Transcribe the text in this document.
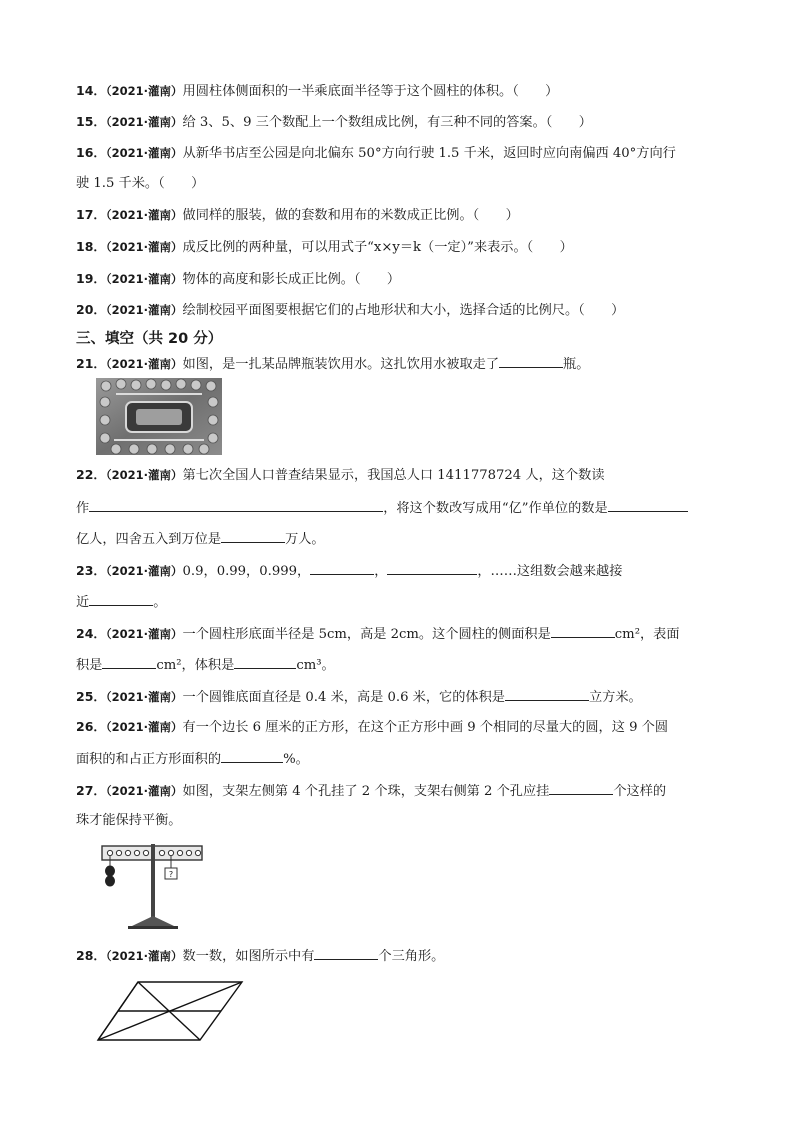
14．（2021·灌南）用圆柱体侧面积的一半乘底面半径等于这个圆柱的体积。（　　）
15．（2021·灌南）给 3、5、9 三个数配上一个数组成比例，有三种不同的答案。（　　）
16．（2021·灌南）从新华书店至公园是向北偏东 50°方向行驶 1.5 千米，返回时应向南偏西 40°方向行
驶 1.5 千米。（　　）
17．（2021·灌南）做同样的服装，做的套数和用布的米数成正比例。（　　）
18．（2021·灌南）成反比例的两种量，可以用式子“x×y＝k（一定）”来表示。（　　）
19．（2021·灌南）物体的高度和影长成正比例。（　　）
20．（2021·灌南）绘制校园平面图要根据它们的占地形状和大小，选择合适的比例尺。（　　）
三、填空（共 20 分）
21．（2021·灌南）如图，是一扎某品牌瓶装饮用水。这扎饮用水被取走了	瓶。
22．（2021·灌南）第七次全国人口普查结果显示，我国总人口 1411778724 人，这个数读
作	，将这个数改写成用“亿”作单位的数是
亿人，四舍五入到万位是	万人。
23．（2021·灌南）0.9，0.99，0.999，	，	，……这组数会越来越接
近	。
24．（2021·灌南）一个圆柱形底面半径是 5cm，高是 2cm。这个圆柱的侧面积是	cm²，表面
积是	cm²，体积是	cm³。
25．（2021·灌南）一个圆锥底面直径是 0.4 米，高是 0.6 米，它的体积是	立方米。
26．（2021·灌南）有一个边长 6 厘米的正方形，在这个正方形中画 9 个相同的尽量大的圆，这 9 个圆
面积的和占正方形面积的	%。
27．（2021·灌南）如图，支架左侧第 4 个孔挂了 2 个珠，支架右侧第 2 个孔应挂	个这样的
珠才能保持平衡。
?
28．（2021·灌南）数一数，如图所示中有	个三角形。
